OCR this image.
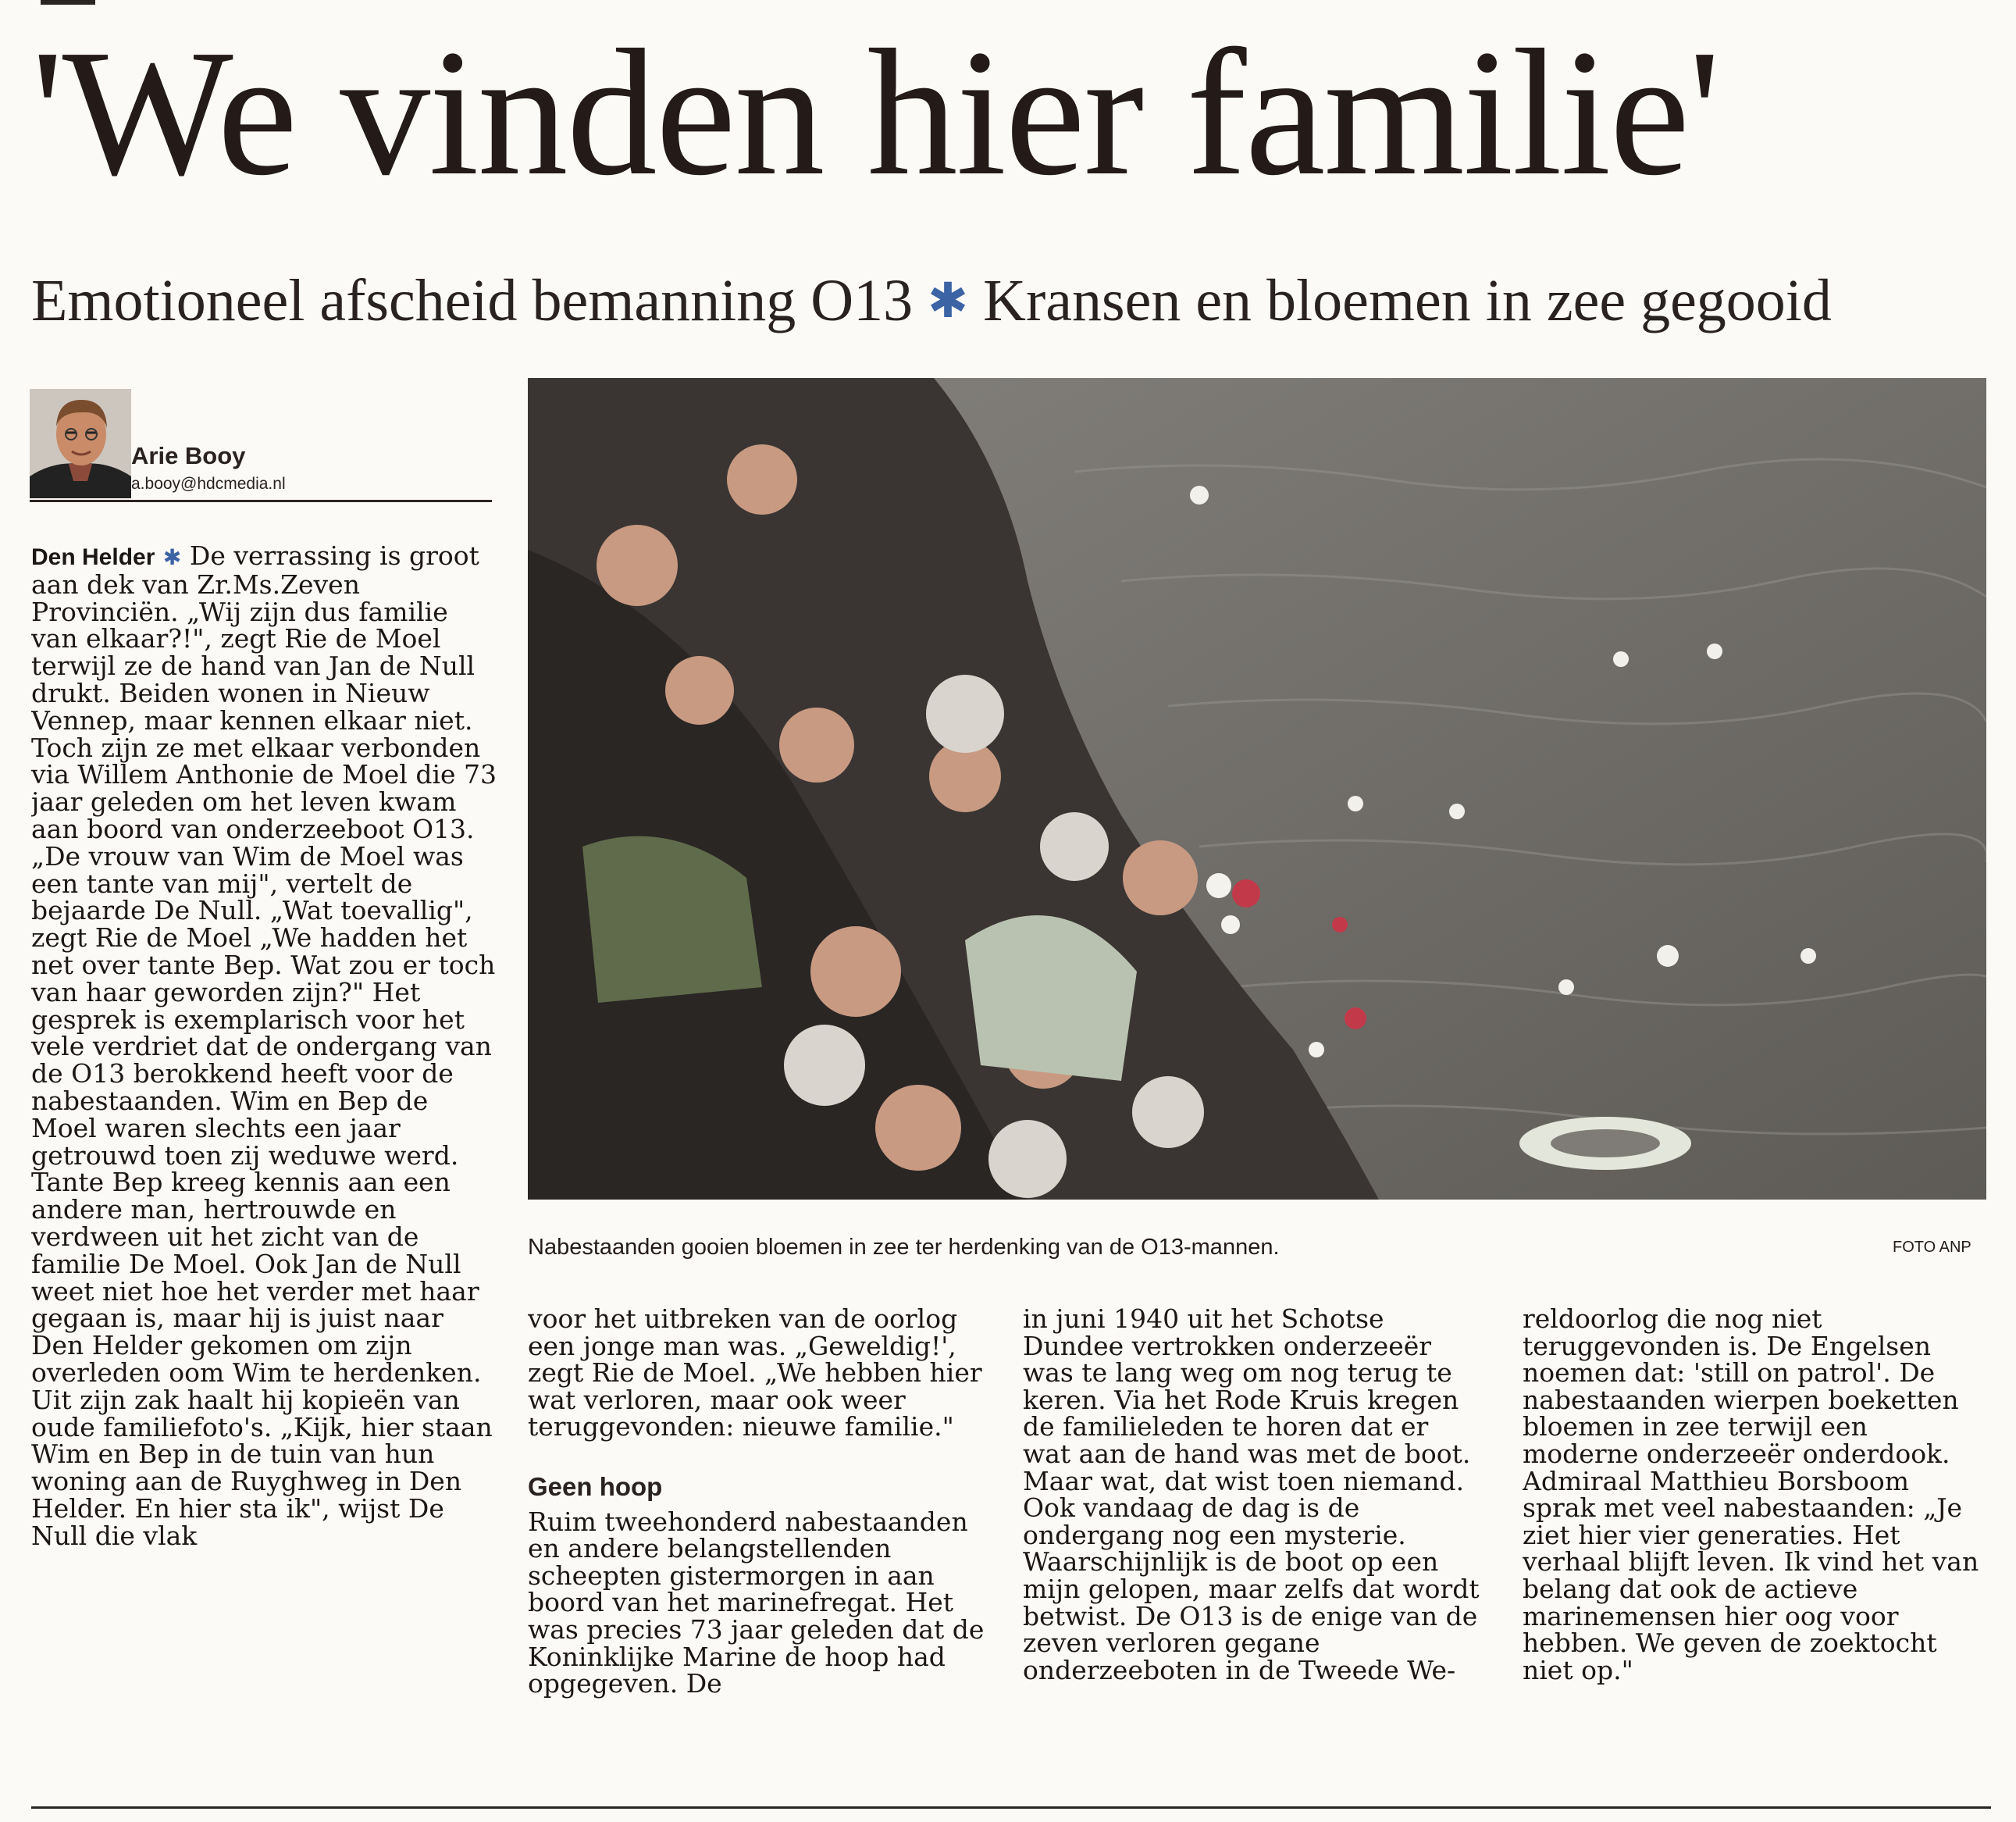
'We vinden hier familie'
Emotioneel afscheid bemanning O13 ✱ Kransen en bloemen in zee gegooid
Arie Booy
a.booy@hdcmedia.nl

Den Helder ✱ De verrassing is groot aan dek van Zr.Ms.Zeven Provinciën. „Wij zijn dus familie van elkaar?!", zegt Rie de Moel terwijl ze de hand van Jan de Null drukt. Beiden wonen in Nieuw Vennep, maar kennen elkaar niet. Toch zijn ze met elkaar verbonden via Willem Anthonie de Moel die 73 jaar geleden om het leven kwam aan boord van onderzeeboot O13. „De vrouw van Wim de Moel was een tante van mij", vertelt de bejaarde De Null. „Wat toevallig", zegt Rie de Moel „We hadden het net over tante Bep. Wat zou er toch van haar geworden zijn?" Het gesprek is exemplarisch voor het vele verdriet dat de ondergang van de O13 berokkend heeft voor de nabestaanden. Wim en Bep de Moel waren slechts een jaar getrouwd toen zij weduwe werd. Tante Bep kreeg kennis aan een andere man, hertrouwde en verdween uit het zicht van de familie De Moel. Ook Jan de Null weet niet hoe het verder met haar gegaan is, maar hij is juist naar Den Helder gekomen om zijn overleden oom Wim te herdenken. Uit zijn zak haalt hij kopieën van oude familiefoto's. „Kijk, hier staan Wim en Bep in de tuin van hun woning aan de Ruyghweg in Den Helder. En hier sta ik", wijst De Null die vlak

Nabestaanden gooien bloemen in zee ter herdenking van de O13-mannen.	FOTO ANP

voor het uitbreken van de oorlog een jonge man was. „Geweldig!', zegt Rie de Moel. „We hebben hier wat verloren, maar ook weer teruggevonden: nieuwe familie."

Geen hoop

Ruim tweehonderd nabestaanden en andere belangstellenden scheepten gistermorgen in aan boord van het marinefregat. Het was precies 73 jaar geleden dat de Koninklijke Marine de hoop had opgegeven. De

in juni 1940 uit het Schotse Dundee vertrokken onderzeeër was te lang weg om nog terug te keren. Via het Rode Kruis kregen de familieleden te horen dat er wat aan de hand was met de boot. Maar wat, dat wist toen niemand. Ook vandaag de dag is de ondergang nog een mysterie. Waarschijnlijk is de boot op een mijn gelopen, maar zelfs dat wordt betwist. De O13 is de enige van de zeven verloren gegane onderzeeboten in de Tweede We-

reldoorlog die nog niet teruggevonden is. De Engelsen noemen dat: 'still on patrol'. De nabestaanden wierpen boeketten bloemen in zee terwijl een moderne onderzeeër onderdook. Admiraal Matthieu Borsboom sprak met veel nabestaanden: „Je ziet hier vier generaties. Het verhaal blijft leven. Ik vind het van belang dat ook de actieve marinemensen hier oog voor hebben. We geven de zoektocht niet op."
